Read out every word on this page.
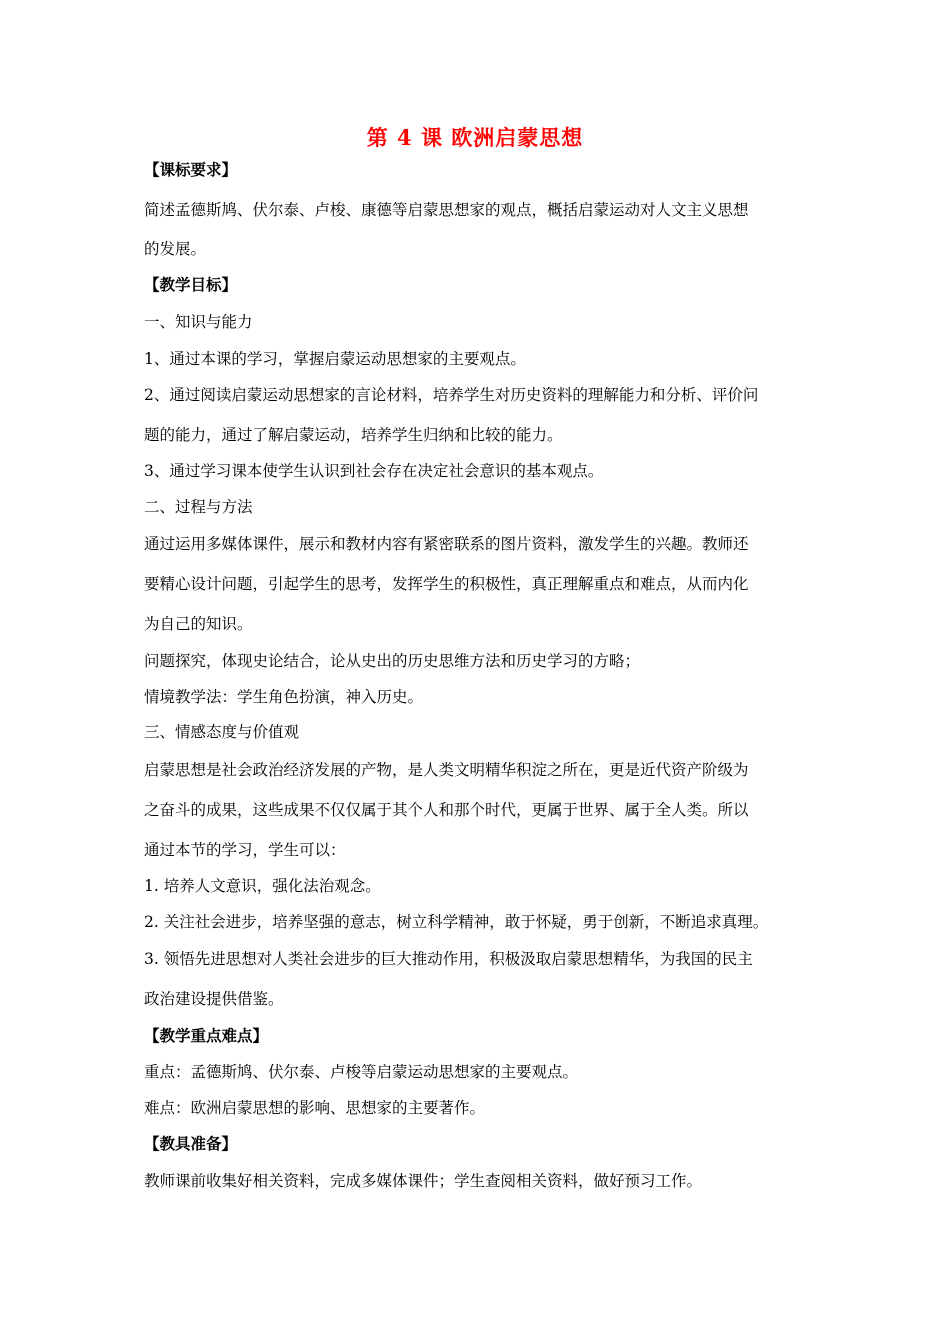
第 4 课 欧洲启蒙思想
【课标要求】
简述孟德斯鸠、伏尔泰、卢梭、康德等启蒙思想家的观点，概括启蒙运动对人文主义思想
的发展。
【教学目标】
一、知识与能力
1、通过本课的学习，掌握启蒙运动思想家的主要观点。
2、通过阅读启蒙运动思想家的言论材料，培养学生对历史资料的理解能力和分析、评价问
题的能力，通过了解启蒙运动，培养学生归纳和比较的能力。
3、通过学习课本使学生认识到社会存在决定社会意识的基本观点。
二、过程与方法
通过运用多媒体课件，展示和教材内容有紧密联系的图片资料，激发学生的兴趣。教师还
要精心设计问题，引起学生的思考，发挥学生的积极性，真正理解重点和难点，从而内化
为自己的知识。
问题探究，体现史论结合，论从史出的历史思维方法和历史学习的方略；
情境教学法：学生角色扮演，神入历史。
三、情感态度与价值观
启蒙思想是社会政治经济发展的产物，是人类文明精华积淀之所在，更是近代资产阶级为
之奋斗的成果，这些成果不仅仅属于其个人和那个时代，更属于世界、属于全人类。所以
通过本节的学习，学生可以：
1. 培养人文意识，强化法治观念。
2. 关注社会进步，培养坚强的意志，树立科学精神，敢于怀疑，勇于创新，不断追求真理。
3. 领悟先进思想对人类社会进步的巨大推动作用，积极汲取启蒙思想精华，为我国的民主
政治建设提供借鉴。
【教学重点难点】
重点：孟德斯鸠、伏尔泰、卢梭等启蒙运动思想家的主要观点。
难点：欧洲启蒙思想的影响、思想家的主要著作。
【教具准备】
教师课前收集好相关资料，完成多媒体课件；学生查阅相关资料，做好预习工作。
